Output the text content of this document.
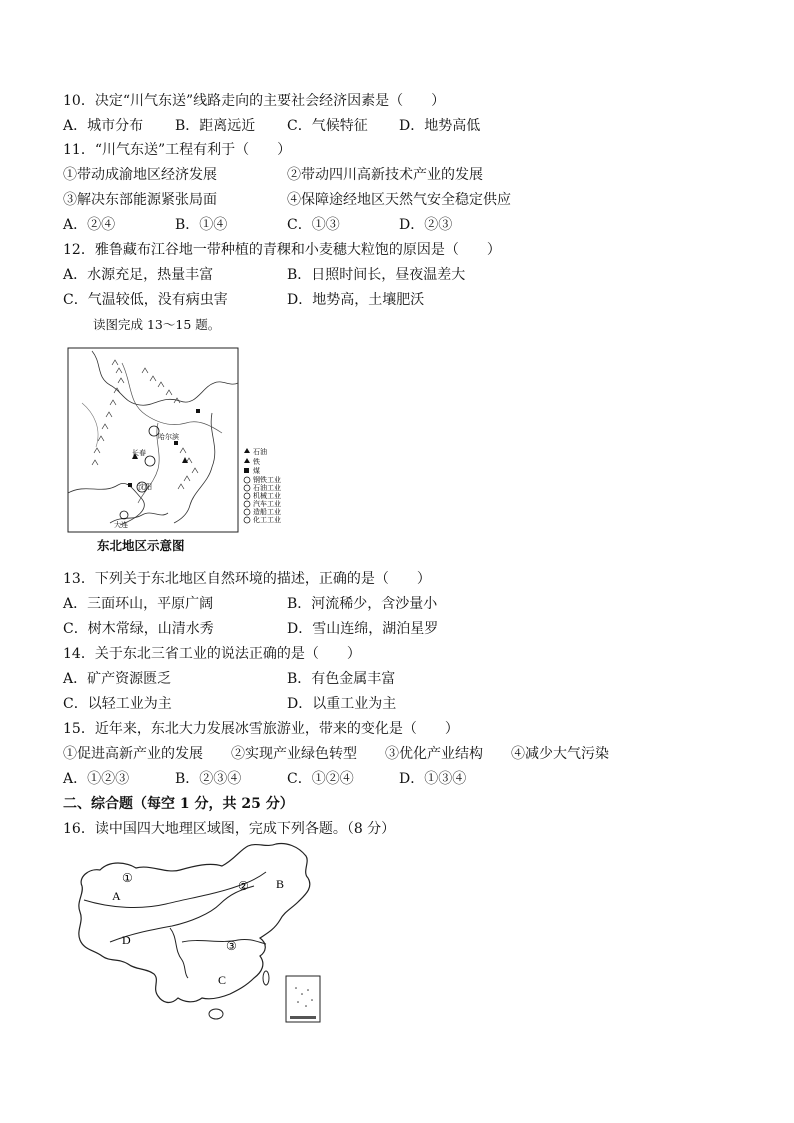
10．决定“川气东送”线路走向的主要社会经济因素是（　　）
A．城市分布 B．距离远近 C．气候特征 D．地势高低
11．“川气东送”工程有利于（　　）
①带动成渝地区经济发展	②带动四川高新技术产业的发展
③解决东部能源紧张局面	④保障途经地区天然气安全稳定供应
A．②④	B．①④	C．①③	D．②③
12．雅鲁藏布江谷地一带种植的青稞和小麦穗大粒饱的原因是（　　）
A．水源充足，热量丰富	B．日照时间长，昼夜温差大
C．气温较低，没有病虫害	D．地势高，土壤肥沃
读图完成 13～15 题。
哈尔滨
长春
沈阳
大连
石油
铁
煤
钢铁工业
石油工业
机械工业
汽车工业
造船工业
化工工业
东北地区示意图
13．下列关于东北地区自然环境的描述，正确的是（　　）
A．三面环山，平原广阔	B．河流稀少，含沙量小
C．树木常绿，山清水秀	D．雪山连绵，湖泊星罗
14．关于东北三省工业的说法正确的是（　　）
A．矿产资源匮乏	B．有色金属丰富
C．以轻工业为主	D．以重工业为主
15．近年来，东北大力发展冰雪旅游业，带来的变化是（　　）
①促进高新产业的发展　　②实现产业绿色转型　　③优化产业结构　　④减少大气污染
A．①②③	B．②③④	C．①②④	D．①③④
二、综合题（每空 1 分，共 25 分）
16．读中国四大地理区域图，完成下列各题。（8 分）
A
B
C
D
①
②
③
